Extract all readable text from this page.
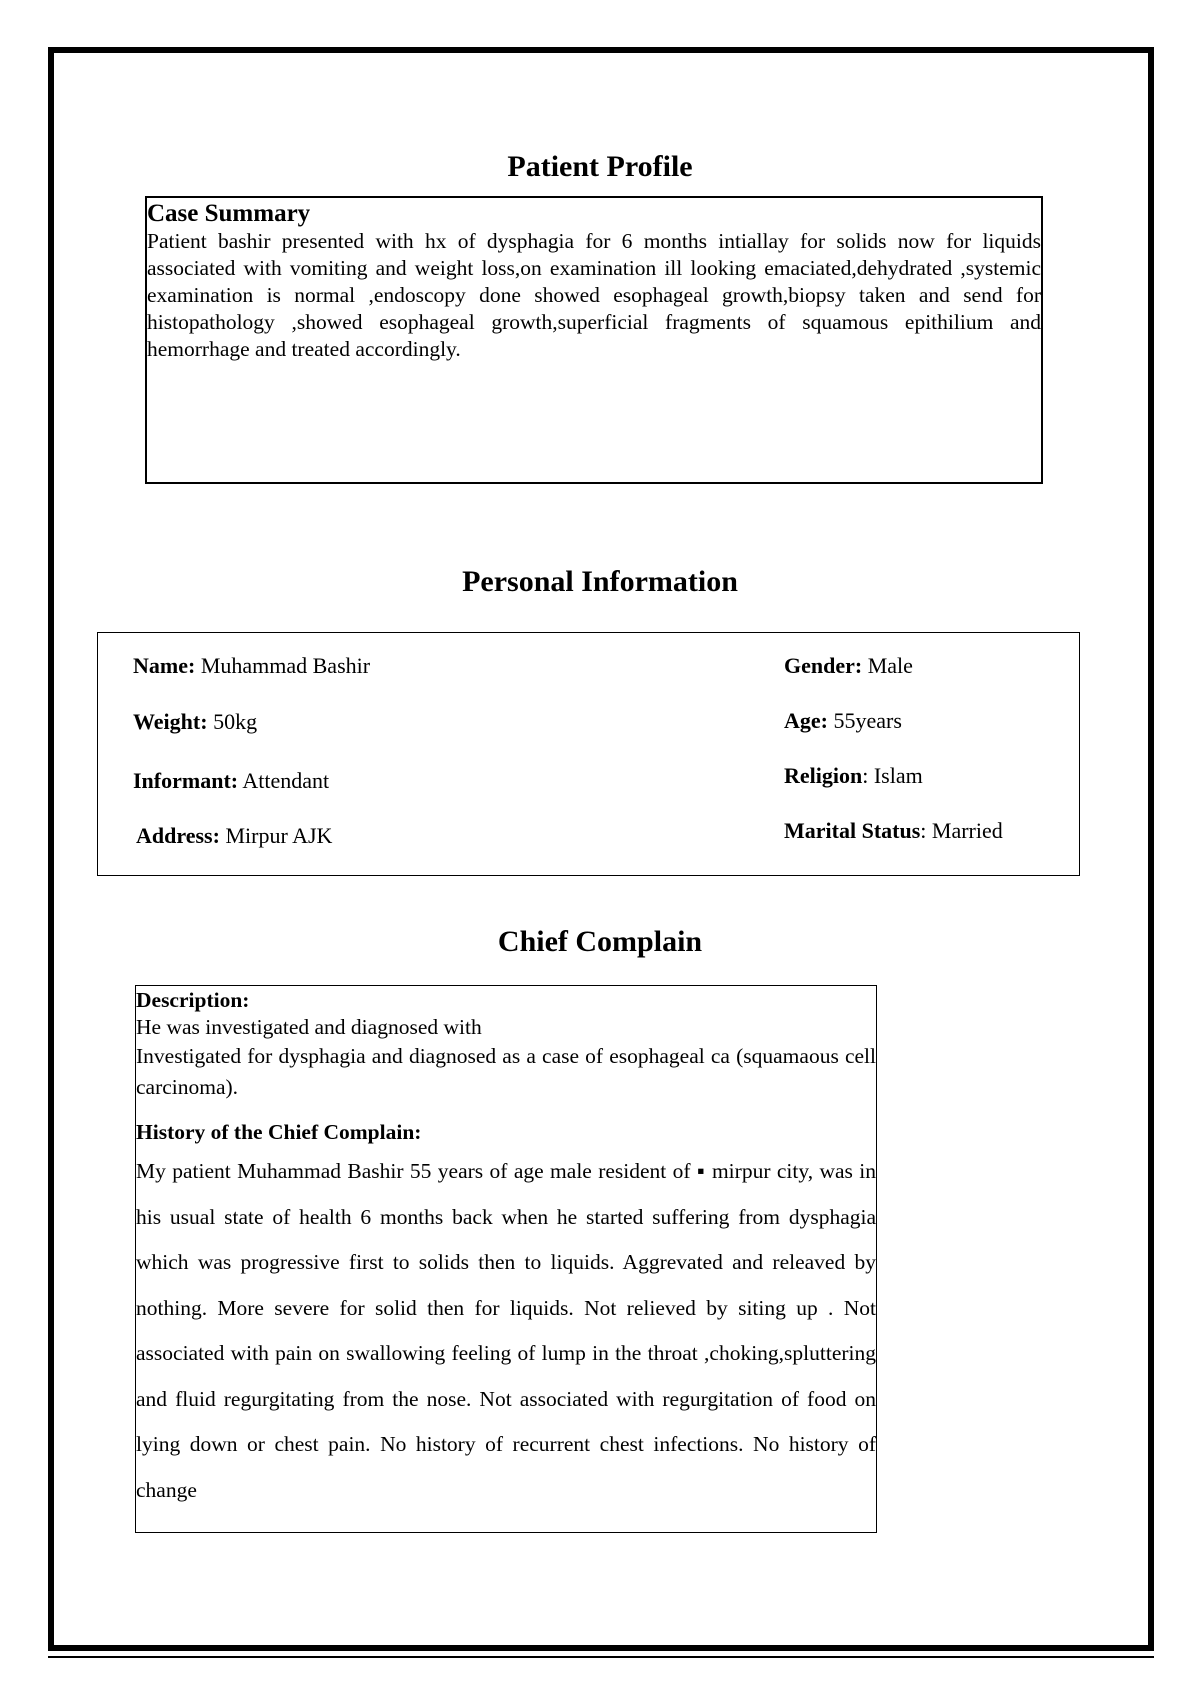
Patient Profile
Case Summary
Patient bashir presented with hx of dysphagia for 6 months intiallay for solids now for liquids associated with vomiting and weight loss,on examination ill looking emaciated,dehydrated ,systemic examination is normal ,endoscopy done showed esophageal growth,biopsy taken and send for histopathology ,showed esophageal growth,superficial fragments of squamous epithilium and hemorrhage and treated accordingly.
Personal Information
Name: Muhammad Bashir	Gender: Male
Weight: 50kg	Age: 55years
Informant: Attendant	Religion: Islam
Address: Mirpur AJK	Marital Status: Married
Chief Complain
Description:
He was investigated and diagnosed with
Investigated for dysphagia and diagnosed as a case of esophageal ca (squamaous cell carcinoma).
History of the Chief Complain:
My patient Muhammad Bashir 55 years of age male resident of ▪ mirpur city, was in his usual state of health 6 months back when he started suffering from dysphagia which was progressive first to solids then to liquids. Aggrevated and releaved by nothing. More severe for solid then for liquids. Not relieved by siting up . Not associated with pain on swallowing feeling of lump in the throat ,choking,spluttering and fluid regurgitating from the nose. Not associated with regurgitation of food on lying down or chest pain. No history of recurrent chest infections. No history of change
